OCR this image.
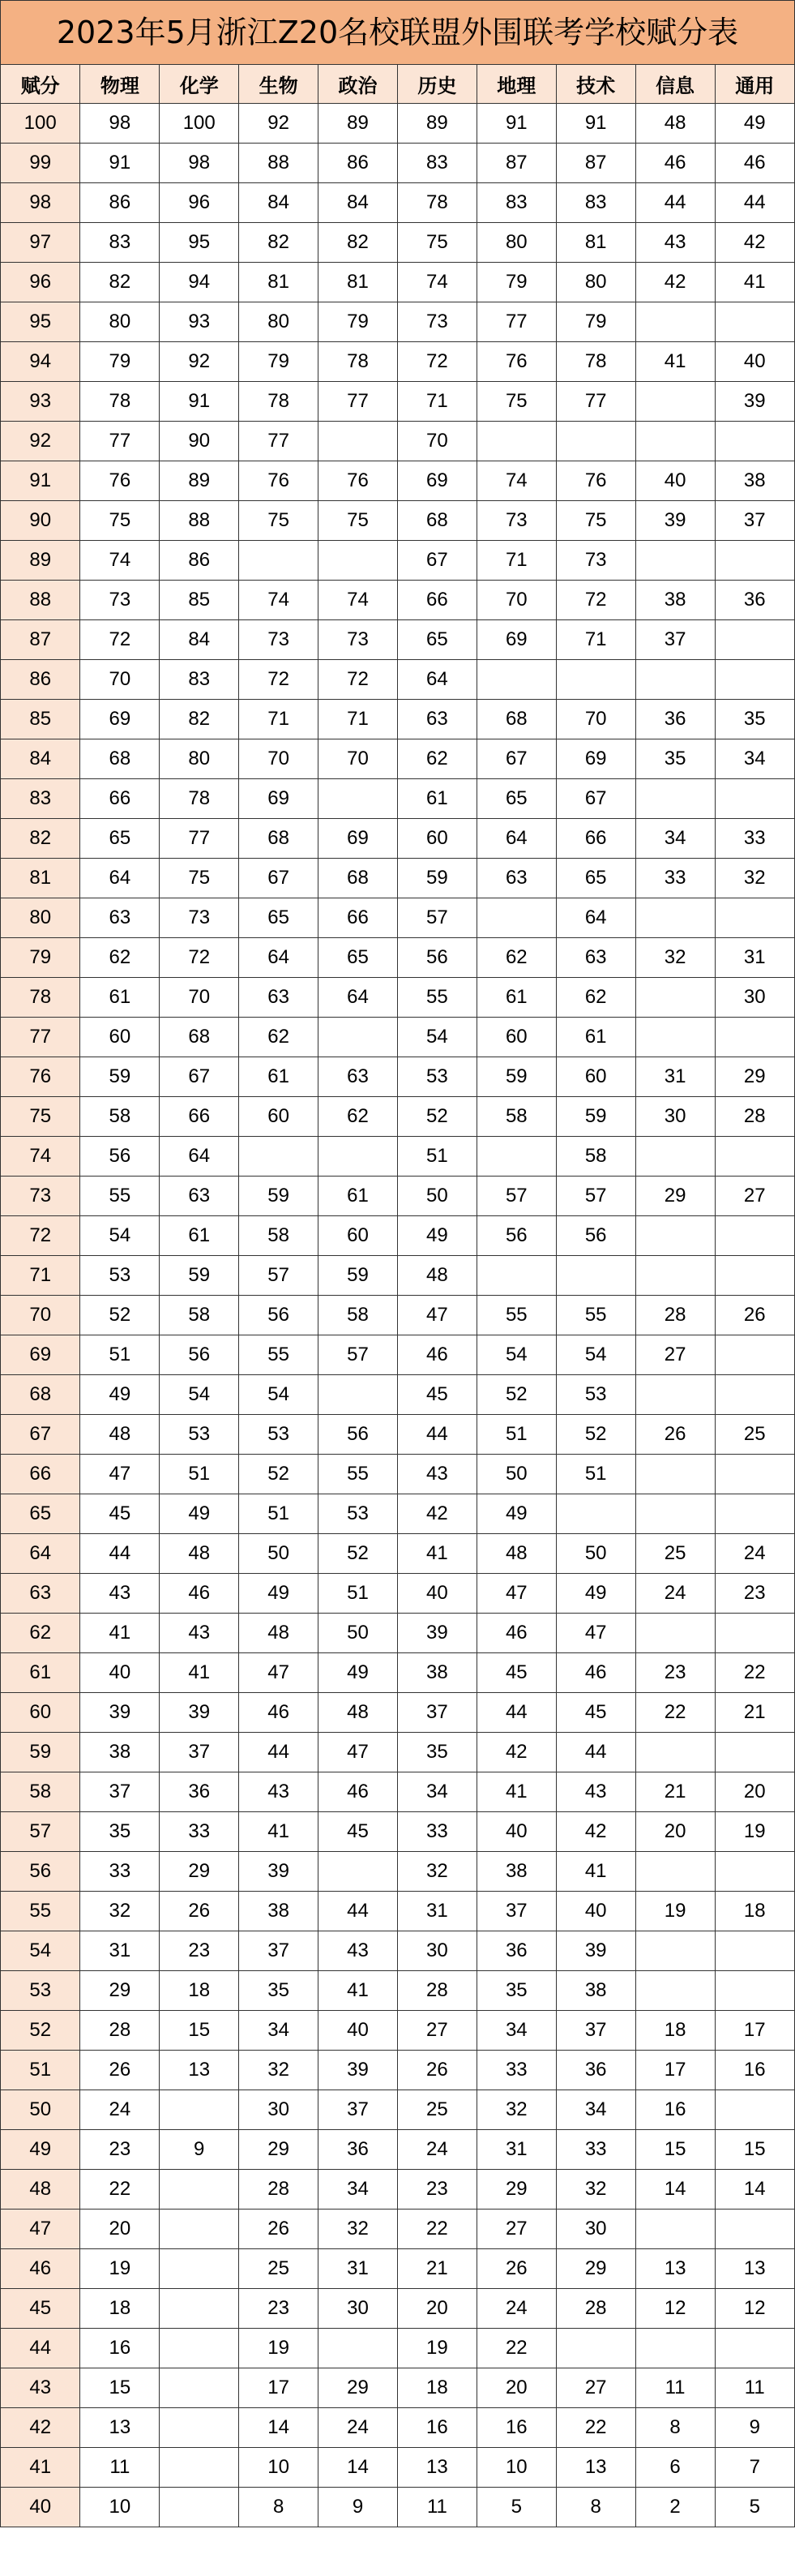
2023年5月浙江Z20名校联盟外围联考学校赋分表
赋分	物理	化学	生物	政治	历史	地理	技术	信息	通用
100	98	100	92	89	89	91	91	48	49
99	91	98	88	86	83	87	87	46	46
98	86	96	84	84	78	83	83	44	44
97	83	95	82	82	75	80	81	43	42
96	82	94	81	81	74	79	80	42	41
95	80	93	80	79	73	77	79		
94	79	92	79	78	72	76	78	41	40
93	78	91	78	77	71	75	77		39
92	77	90	77		70				
91	76	89	76	76	69	74	76	40	38
90	75	88	75	75	68	73	75	39	37
89	74	86			67	71	73		
88	73	85	74	74	66	70	72	38	36
87	72	84	73	73	65	69	71	37	
86	70	83	72	72	64				
85	69	82	71	71	63	68	70	36	35
84	68	80	70	70	62	67	69	35	34
83	66	78	69		61	65	67		
82	65	77	68	69	60	64	66	34	33
81	64	75	67	68	59	63	65	33	32
80	63	73	65	66	57		64		
79	62	72	64	65	56	62	63	32	31
78	61	70	63	64	55	61	62		30
77	60	68	62		54	60	61		
76	59	67	61	63	53	59	60	31	29
75	58	66	60	62	52	58	59	30	28
74	56	64			51		58		
73	55	63	59	61	50	57	57	29	27
72	54	61	58	60	49	56	56		
71	53	59	57	59	48				
70	52	58	56	58	47	55	55	28	26
69	51	56	55	57	46	54	54	27	
68	49	54	54		45	52	53		
67	48	53	53	56	44	51	52	26	25
66	47	51	52	55	43	50	51		
65	45	49	51	53	42	49			
64	44	48	50	52	41	48	50	25	24
63	43	46	49	51	40	47	49	24	23
62	41	43	48	50	39	46	47		
61	40	41	47	49	38	45	46	23	22
60	39	39	46	48	37	44	45	22	21
59	38	37	44	47	35	42	44		
58	37	36	43	46	34	41	43	21	20
57	35	33	41	45	33	40	42	20	19
56	33	29	39		32	38	41		
55	32	26	38	44	31	37	40	19	18
54	31	23	37	43	30	36	39		
53	29	18	35	41	28	35	38		
52	28	15	34	40	27	34	37	18	17
51	26	13	32	39	26	33	36	17	16
50	24		30	37	25	32	34	16	
49	23	9	29	36	24	31	33	15	15
48	22		28	34	23	29	32	14	14
47	20		26	32	22	27	30		
46	19		25	31	21	26	29	13	13
45	18		23	30	20	24	28	12	12
44	16		19		19	22			
43	15		17	29	18	20	27	11	11
42	13		14	24	16	16	22	8	9
41	11		10	14	13	10	13	6	7
40	10		8	9	11	5	8	2	5
